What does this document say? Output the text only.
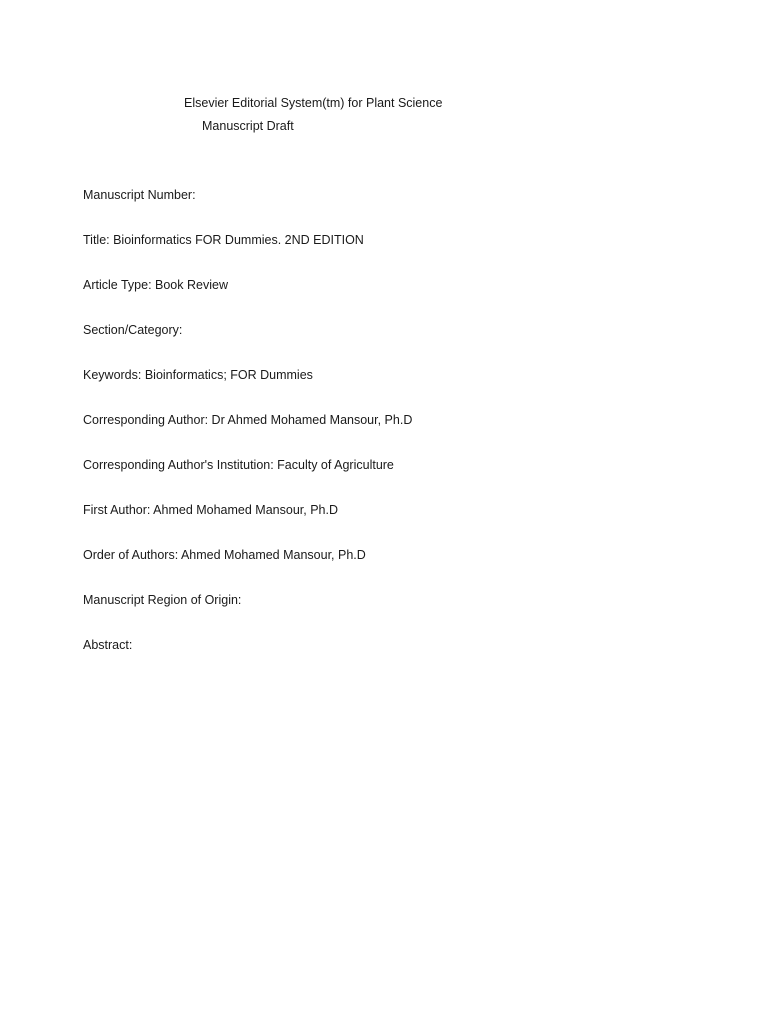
Elsevier Editorial System(tm) for Plant Science
Manuscript Draft
Manuscript Number:
Title: Bioinformatics FOR Dummies. 2ND EDITION
Article Type: Book Review
Section/Category:
Keywords: Bioinformatics; FOR Dummies
Corresponding Author: Dr Ahmed Mohamed Mansour, Ph.D
Corresponding Author's Institution: Faculty of Agriculture
First Author: Ahmed Mohamed Mansour, Ph.D
Order of Authors: Ahmed Mohamed Mansour, Ph.D
Manuscript Region of Origin:
Abstract:
